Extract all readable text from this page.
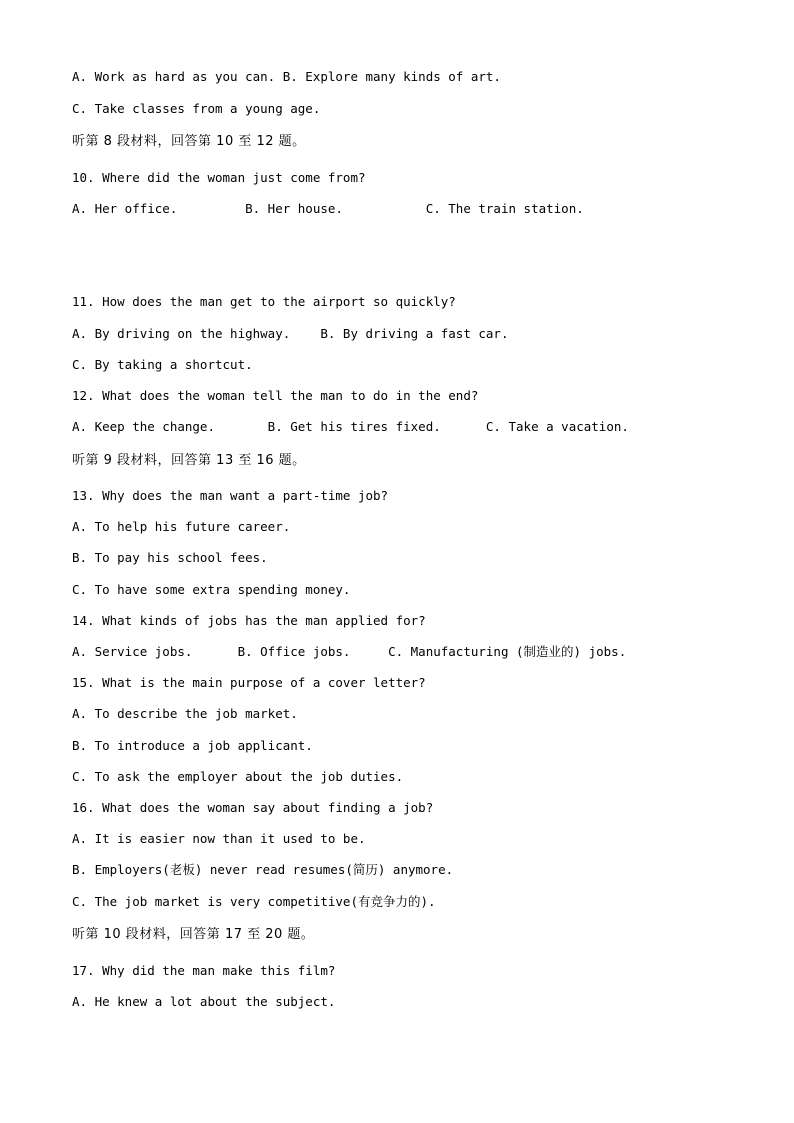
A. Work as hard as you can. B. Explore many kinds of art.
C. Take classes from a young age.
听第 8 段材料，回答第 10 至 12 题。
10. Where did the woman just come from?
A. Her office.         B. Her house.           C. The train station.
11. How does the man get to the airport so quickly?
A. By driving on the highway.    B. By driving a fast car.
C. By taking a shortcut.
12. What does the woman tell the man to do in the end?
A. Keep the change.       B. Get his tires fixed.      C. Take a vacation.
听第 9 段材料，回答第 13 至 16 题。
13. Why does the man want a part-time job?
A. To help his future career.
B. To pay his school fees.
C. To have some extra spending money.
14. What kinds of jobs has the man applied for?
A. Service jobs.      B. Office jobs.     C. Manufacturing (制造业的) jobs.
15. What is the main purpose of a cover letter?
A. To describe the job market.
B. To introduce a job applicant.
C. To ask the employer about the job duties.
16. What does the woman say about finding a job?
A. It is easier now than it used to be.
B. Employers(老板) never read resumes(简历) anymore.
C. The job market is very competitive(有竞争力的).
听第 10 段材料，回答第 17 至 20 题。
17. Why did the man make this film?
A. He knew a lot about the subject.
